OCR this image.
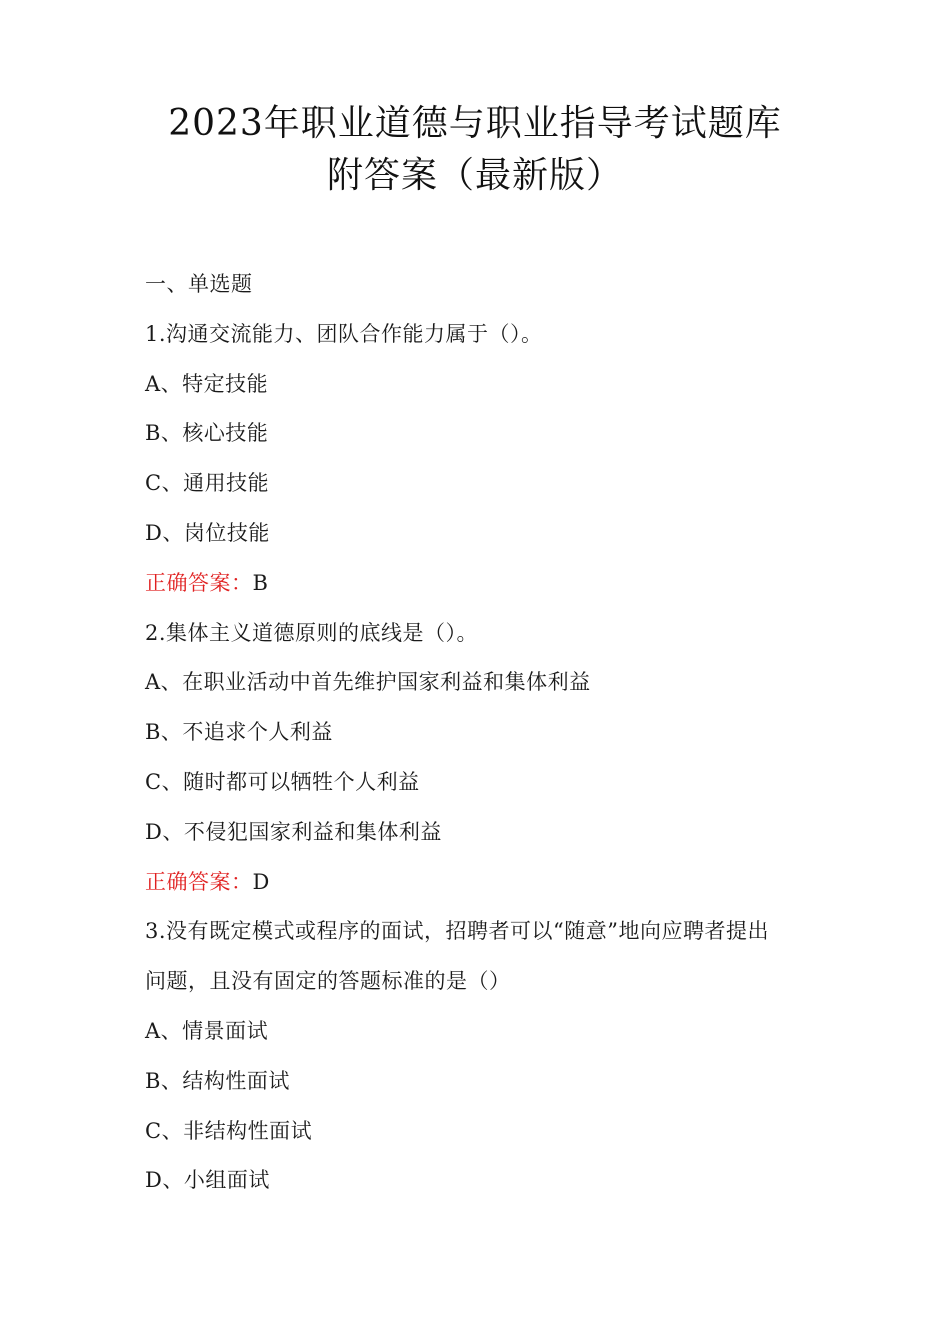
2023年职业道德与职业指导考试题库
附答案（最新版）
一、单选题
1.沟通交流能力、团队合作能力属于（）。
A、特定技能
B、核心技能
C、通用技能
D、岗位技能
正确答案：B
2.集体主义道德原则的底线是（）。
A、在职业活动中首先维护国家利益和集体利益
B、不追求个人利益
C、随时都可以牺牲个人利益
D、不侵犯国家利益和集体利益
正确答案：D
3.没有既定模式或程序的面试，招聘者可以“随意”地向应聘者提出
问题，且没有固定的答题标准的是（）
A、情景面试
B、结构性面试
C、非结构性面试
D、小组面试
